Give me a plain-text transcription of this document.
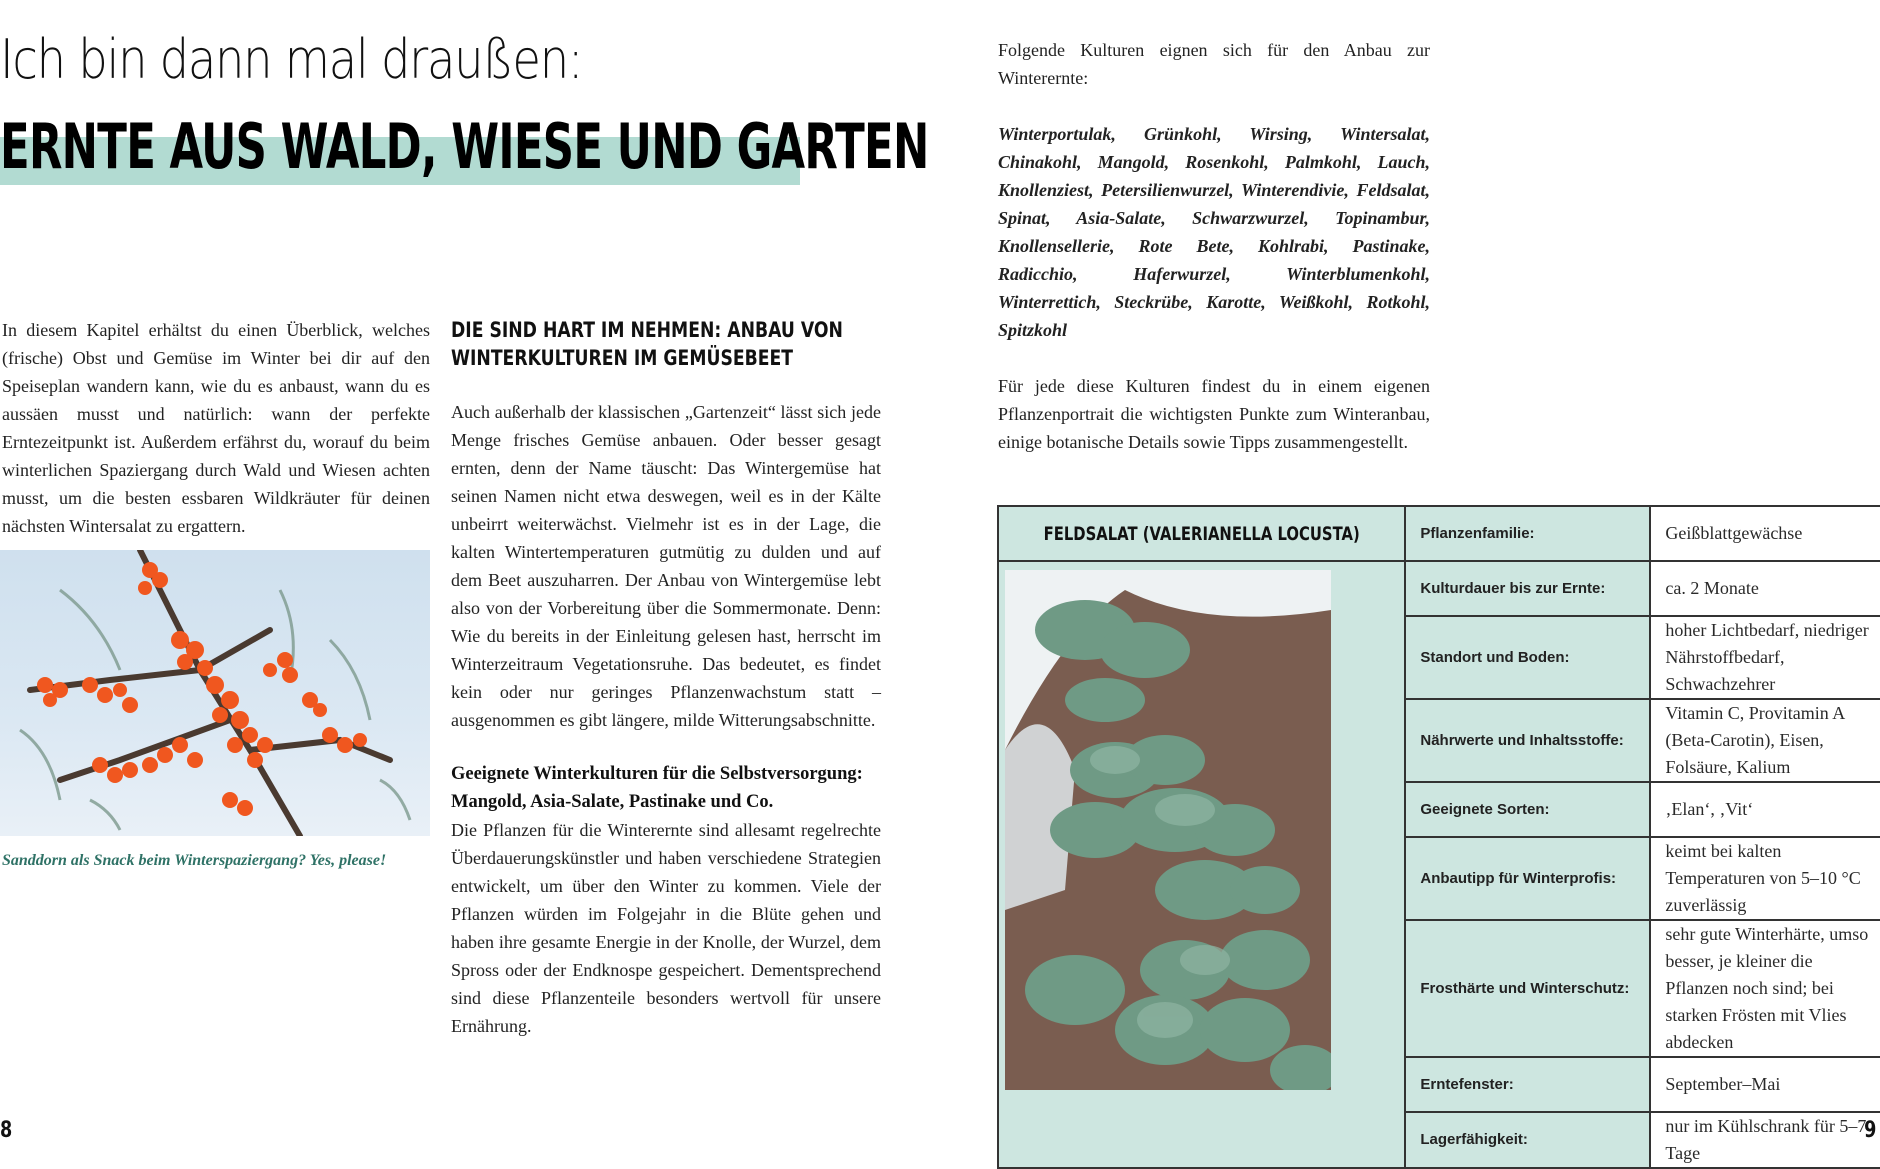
Ich bin dann mal draußen:
ERNTE AUS WALD, WIESE UND GARTEN

In diesem Kapitel erhältst du einen Überblick, welches (frische) Obst und Gemüse im Winter bei dir auf den Speiseplan wandern kann, wie du es anbaust, wann du es aussäen musst und natürlich: wann der perfekte Erntezeitpunkt ist. Außerdem erfährst du, worauf du beim winterlichen Spaziergang durch Wald und Wiesen achten musst, um die besten essbaren Wildkräuter für deinen nächsten Wintersalat zu ergattern.

Sanddorn als Snack beim Winterspaziergang? Yes, please!
DIE SIND HART IM NEHMEN: ANBAU VON WINTERKULTUREN IM GEMÜSEBEET

Auch außerhalb der klassischen „Gartenzeit“ lässt sich jede Menge frisches Gemüse anbauen. Oder besser gesagt ernten, denn der Name täuscht: Das Wintergemüse hat seinen Namen nicht etwa deswegen, weil es in der Kälte unbeirrt weiterwächst. Vielmehr ist es in der Lage, die kalten Wintertemperaturen gutmütig zu dulden und auf dem Beet auszuharren. Der Anbau von Wintergemüse lebt also von der Vorbereitung über die Sommermonate. Denn: Wie du bereits in der Einleitung gelesen hast, herrscht im Winterzeitraum Vegetationsruhe. Das bedeutet, es findet kein oder nur geringes Pflanzenwachstum statt – ausgenommen es gibt längere, milde Witterungsabschnitte.

Geeignete Winterkulturen für die Selbstversorgung: Mangold, Asia-Salate, Pastinake und Co.

Die Pflanzen für die Winterernte sind allesamt regelrechte Überdauerungskünstler und haben verschiedene Strategien entwickelt, um über den Winter zu kommen. Viele der Pflanzen würden im Folgejahr in die Blüte gehen und haben ihre gesamte Energie in der Knolle, der Wurzel, dem Spross oder der Endknospe gespeichert. Dementsprechend sind diese Pflanzenteile besonders wertvoll für unsere Ernährung.

8

Folgende Kulturen eignen sich für den Anbau zur Winterernte:

Winterportulak, Grünkohl, Wirsing, Wintersalat, Chinakohl, Mangold, Rosenkohl, Palmkohl, Lauch, Knollenziest, Petersilienwurzel, Winterendivie, Feldsalat, Spinat, Asia-Salate, Schwarzwurzel, Topinambur, Knollensellerie, Rote Bete, Kohlrabi, Pastinake, Radicchio, Haferwurzel, Winterblumenkohl, Winterrettich, Steckrübe, Karotte, Weißkohl, Rotkohl, Spitzkohl

Für jede diese Kulturen findest du in einem eigenen Pflanzenportrait die wichtigsten Punkte zum Winteranbau, einige botanische Details sowie Tipps zusammengestellt.

FELDSALAT (VALERIANELLA LOCUSTA)	Pflanzenfamilie:	Geißblattgewächse

	Kulturdauer bis zur Ernte:	ca. 2 Monate
	Standort und Boden:	hoher Lichtbedarf, niedriger Nährstoffbedarf, Schwachzehrer
	Nährwerte und Inhaltsstoffe:	Vitamin C, Provitamin A (Beta-Carotin), Eisen, Folsäure, Kalium
	Geeignete Sorten:	‚Elan‘, ‚Vit‘
	Anbautipp für Winterprofis:	keimt bei kalten Temperaturen von 5–10 °C zuverlässig
	Frosthärte und Winterschutz:	sehr gute Winterhärte, umso besser, je kleiner die Pflanzen noch sind; bei starken Frösten mit Vlies abdecken
	Erntefenster:	September–Mai
	Lagerfähigkeit:	nur im Kühlschrank für 5–7 Tage
9
